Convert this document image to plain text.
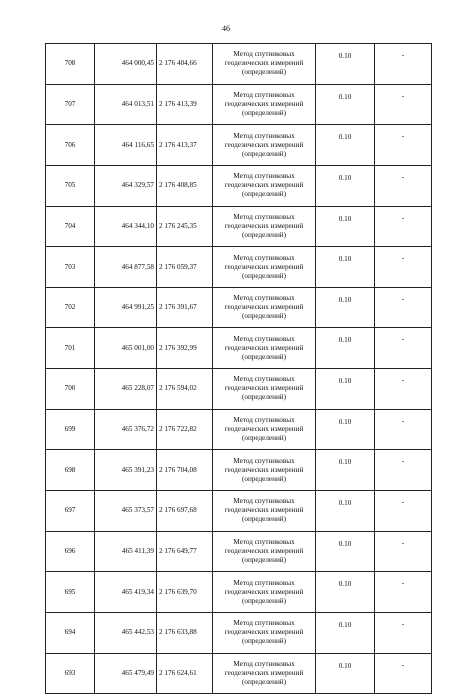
46
708	464 000,45	2 176 404,66	Метод спутниковых
геодезических измерений
(определений)	0.10	-
707	464 013,51	2 176 413,39	Метод спутниковых
геодезических измерений
(определений)	0.10	-
706	464 116,65	2 176 413,37	Метод спутниковых
геодезических измерений
(определений)	0.10	-
705	464 329,57	2 176 408,85	Метод спутниковых
геодезических измерений
(определений)	0.10	-
704	464 344,10	2 176 245,35	Метод спутниковых
геодезических измерений
(определений)	0.10	-
703	464 877,58	2 176 059,37	Метод спутниковых
геодезических измерений
(определений)	0.10	-
702	464 991,25	2 176 391,67	Метод спутниковых
геодезических измерений
(определений)	0.10	-
701	465 001,00	2 176 392,99	Метод спутниковых
геодезических измерений
(определений)	0.10	-
700	465 228,07	2 176 594,02	Метод спутниковых
геодезических измерений
(определений)	0.10	-
699	465 376,72	2 176 722,82	Метод спутниковых
геодезических измерений
(определений)	0.10	-
698	465 391,23	2 176 704,08	Метод спутниковых
геодезических измерений
(определений)	0.10	-
697	465 373,57	2 176 697,68	Метод спутниковых
геодезических измерений
(определений)	0.10	-
696	465 411,39	2 176 649,77	Метод спутниковых
геодезических измерений
(определений)	0.10	-
695	465 419,34	2 176 639,70	Метод спутниковых
геодезических измерений
(определений)	0.10	-
694	465 442,53	2 176 633,88	Метод спутниковых
геодезических измерений
(определений)	0.10	-
693	465 479,49	2 176 624,61	Метод спутниковых
геодезических измерений
(определений)	0.10	-
